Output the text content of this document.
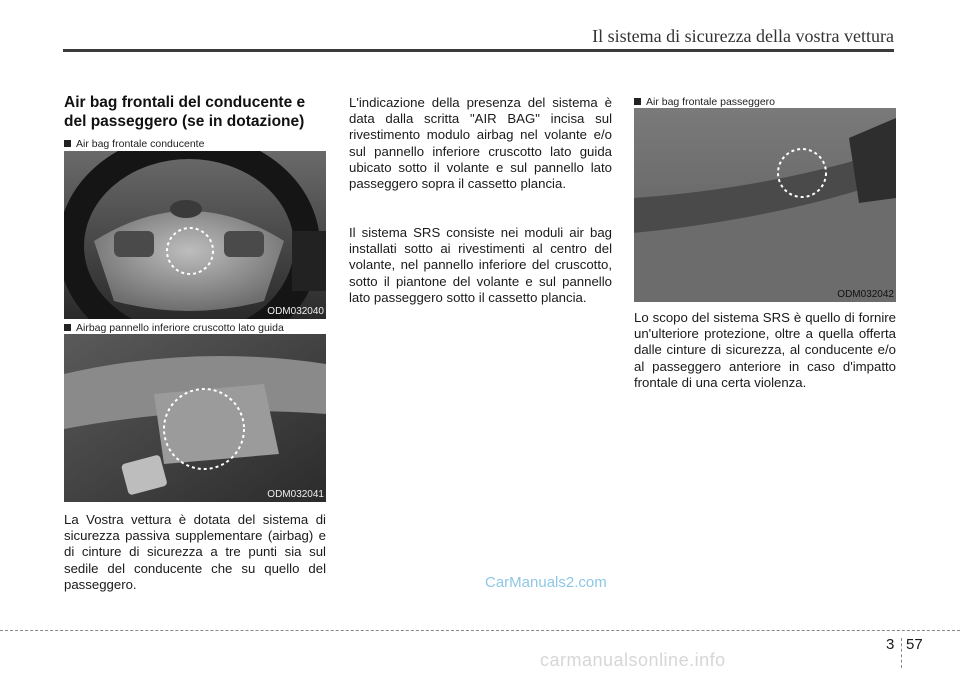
Il sistema di sicurezza della vostra vettura
Air bag frontali del conducente e del passeggero (se in dotazione)
Air bag frontale conducente
ODM032040
Airbag pannello inferiore cruscotto lato guida
ODM032041
La Vostra vettura è dotata del sistema di sicurezza passiva supplementare (airbag) e di cinture di sicurezza a tre punti sia sul sedile del conducente che su quello del passeggero.
L'indicazione della presenza del sistema è data dalla scritta "AIR BAG" incisa sul rivestimento modulo airbag nel volante e/o sul pannello inferiore cruscotto lato guida ubicato sotto il volante e sul pannello lato passeggero sopra il cassetto plancia.
Il sistema SRS consiste nei moduli air bag installati sotto ai rivestimenti al centro del volante, nel pannello inferiore del cruscotto, sotto il piantone del volante e sul pannello lato passeggero sotto il cassetto plancia.
Air bag frontale passeggero
ODM032042
Lo scopo del sistema SRS è quello di fornire un'ulteriore protezione, oltre a quella offerta dalle cinture di sicurezza, al conducente e/o al passeggero anteriore in caso d'impatto frontale di una certa violenza.
CarManuals2.com
3 57
carmanualsonline.info
